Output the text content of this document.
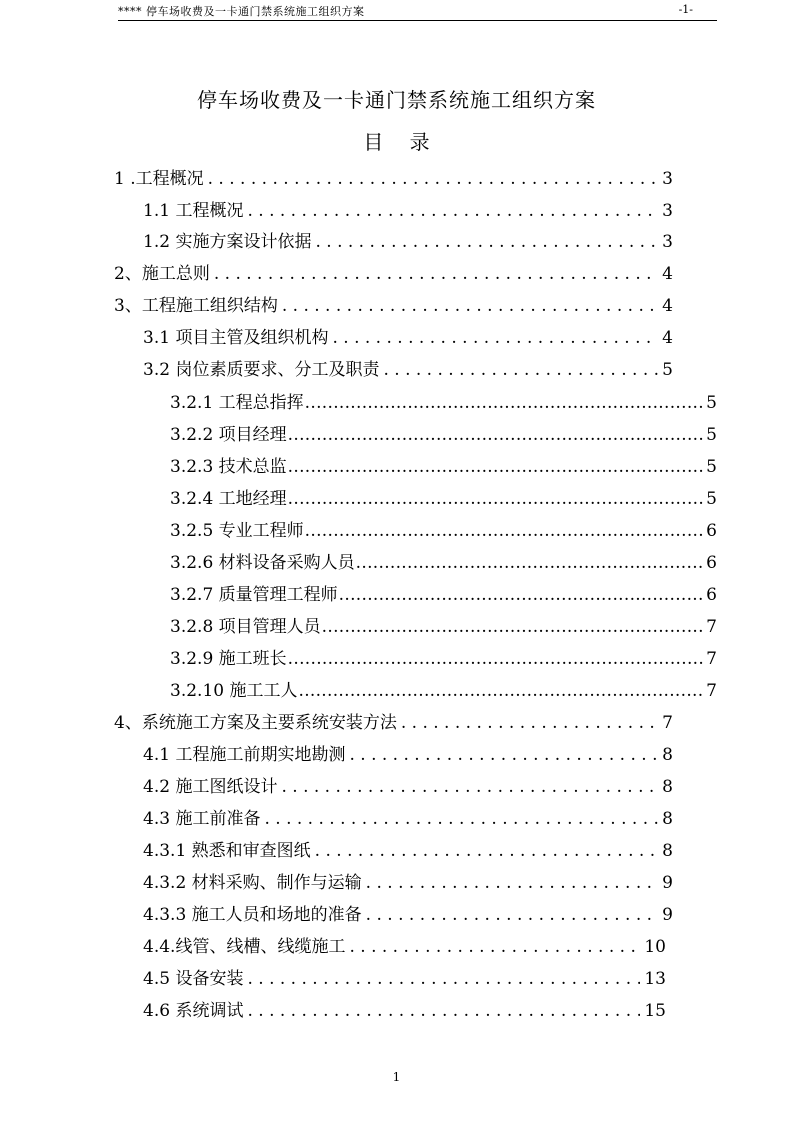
**** 停车场收费及一卡通门禁系统施工组织方案	-1-
停车场收费及一卡通门禁系统施工组织方案
目 录
1 .工程概况 . . .	3
1.1 工程概况 . . .	3
1.2 实施方案设计依据 . . .	3
2、施工总则 . . .	4
3、工程施工组织结构 . . .	4
3.1 项目主管及组织机构 . . .	4
3.2 岗位素质要求、分工及职责 . . .	5
3.2.1 工程总指挥 .....	5
3.2.2 项目经理 .....	5
3.2.3 技术总监 .....	5
3.2.4 工地经理 .....	5
3.2.5 专业工程师 .....	6
3.2.6 材料设备采购人员 .....	6
3.2.7 质量管理工程师 .....	6
3.2.8 项目管理人员 .....	7
3.2.9 施工班长 .....	7
3.2.10 施工工人 .....	7
4、系统施工方案及主要系统安装方法 . . .	7
4.1 工程施工前期实地勘测 . . .	8
4.2 施工图纸设计 . . .	8
4.3 施工前准备 . . .	8
4.3.1 熟悉和审查图纸 . . .	8
4.3.2 材料采购、制作与运输 . . .	9
4.3.3 施工人员和场地的准备 . . .	9
4.4.线管、线槽、线缆施工 . . .	10
4.5 设备安装 . . .	13
4.6 系统调试 . . .	15
1
